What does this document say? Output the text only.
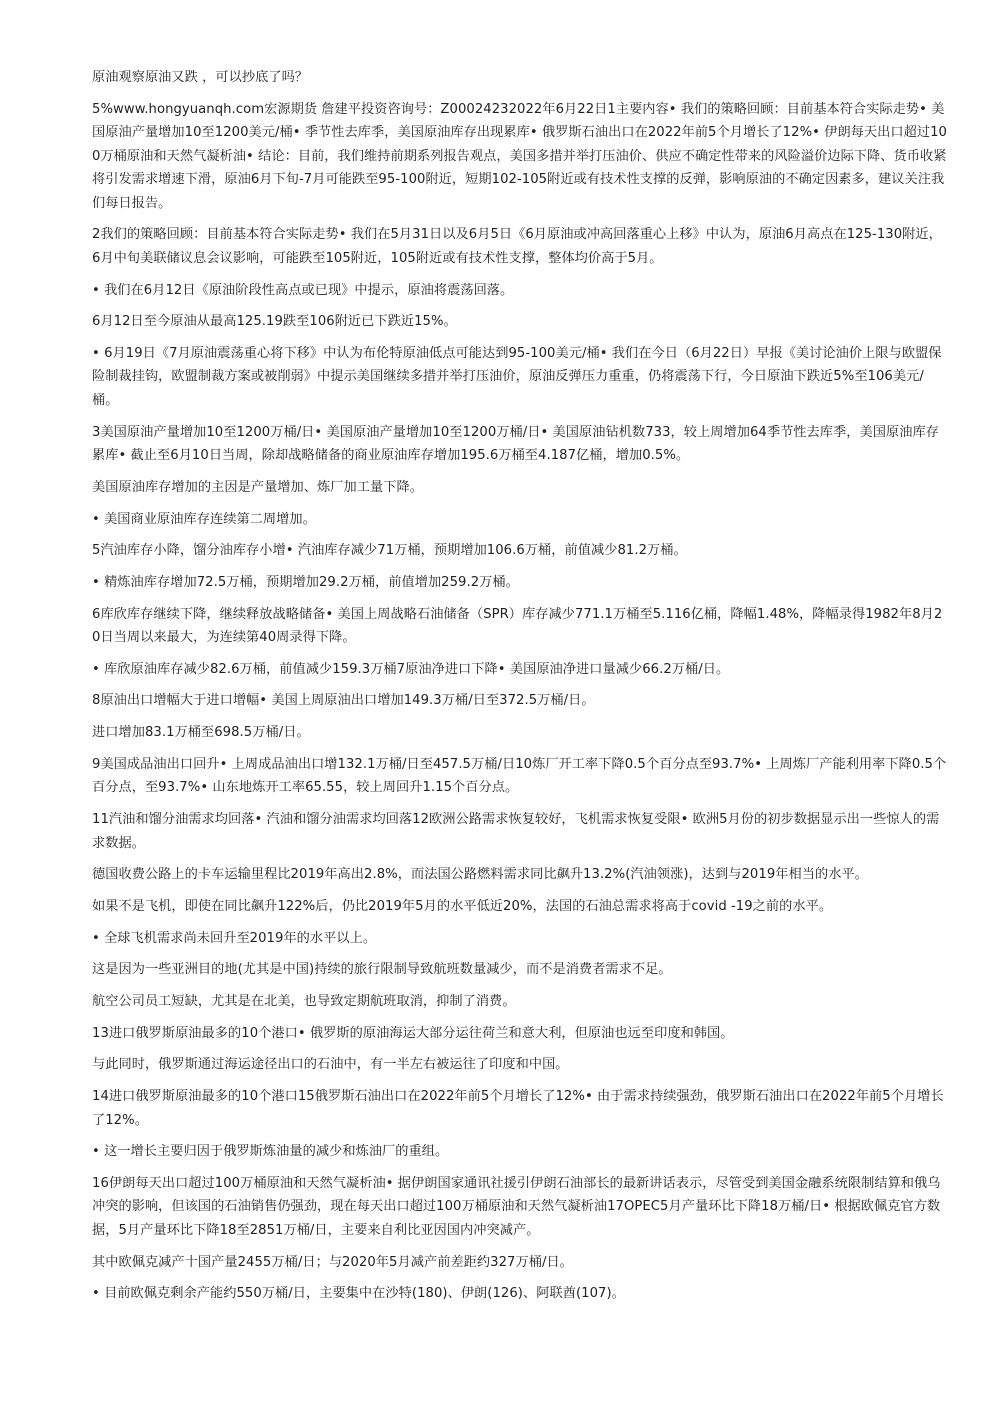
原油观察原油又跌 ，可以抄底了吗？

5%www.hongyuanqh.com宏源期货 詹建平投资咨询号：Z00024232022年6月22日1主要内容• 我们的策略回顾：目前基本符合实际走势• 美国原油产量增加10至1200美元/桶• 季节性去库季，美国原油库存出现累库• 俄罗斯石油出口在2022年前5个月增长了12%• 伊朗每天出口超过100万桶原油和天然气凝析油• 结论：目前，我们维持前期系列报告观点，美国多措并举打压油价、供应不确定性带来的风险溢价边际下降、货币收紧将引发需求增速下滑，原油6月下旬-7月可能跌至95-100附近，短期102-105附近或有技术性支撑的反弹，影响原油的不确定因素多，建议关注我们每日报告。

2我们的策略回顾：目前基本符合实际走势• 我们在5月31日以及6月5日《6月原油或冲高回落重心上移》中认为，原油6月高点在125-130附近，6月中旬美联储议息会议影响，可能跌至105附近，105附近或有技术性支撑，整体均价高于5月。

• 我们在6月12日《原油阶段性高点或已现》中提示，原油将震荡回落。

6月12日至今原油从最高125.19跌至106附近已下跌近15%。

• 6月19日《7月原油震荡重心将下移》中认为布伦特原油低点可能达到95-100美元/桶• 我们在今日（6月22日）早报《美讨论油价上限与欧盟保险制裁挂钩，欧盟制裁方案或被削弱》中提示美国继续多措并举打压油价，原油反弹压力重重，仍将震荡下行，今日原油下跌近5%至106美元/桶。

3美国原油产量增加10至1200万桶/日• 美国原油产量增加10至1200万桶/日• 美国原油钻机数733，较上周增加64季节性去库季，美国原油库存累库• 截止至6月10日当周，除却战略储备的商业原油库存增加195.6万桶至4.187亿桶，增加0.5%。

美国原油库存增加的主因是产量增加、炼厂加工量下降。

• 美国商业原油库存连续第二周增加。

5汽油库存小降，馏分油库存小增• 汽油库存减少71万桶，预期增加106.6万桶，前值减少81.2万桶。

• 精炼油库存增加72.5万桶，预期增加29.2万桶，前值增加259.2万桶。

6库欣库存继续下降，继续释放战略储备• 美国上周战略石油储备（SPR）库存减少771.1万桶至5.116亿桶，降幅1.48%，降幅录得1982年8月20日当周以来最大，为连续第40周录得下降。

• 库欣原油库存减少82.6万桶，前值减少159.3万桶7原油净进口下降• 美国原油净进口量减少66.2万桶/日。

8原油出口增幅大于进口增幅• 美国上周原油出口增加149.3万桶/日至372.5万桶/日。

进口增加83.1万桶至698.5万桶/日。

9美国成品油出口回升• 上周成品油出口增132.1万桶/日至457.5万桶/日10炼厂开工率下降0.5个百分点至93.7%• 上周炼厂产能利用率下降0.5个百分点，至93.7%• 山东地炼开工率65.55，较上周回升1.15个百分点。

11汽油和馏分油需求均回落• 汽油和馏分油需求均回落12欧洲公路需求恢复较好，飞机需求恢复受限• 欧洲5月份的初步数据显示出一些惊人的需求数据。

德国收费公路上的卡车运输里程比2019年高出2.8%，而法国公路燃料需求同比飙升13.2%(汽油领涨)，达到与2019年相当的水平。

如果不是飞机，即使在同比飙升122%后，仍比2019年5月的水平低近20%，法国的石油总需求将高于covid -19之前的水平。

• 全球飞机需求尚未回升至2019年的水平以上。

这是因为一些亚洲目的地(尤其是中国)持续的旅行限制导致航班数量减少，而不是消费者需求不足。

航空公司员工短缺，尤其是在北美，也导致定期航班取消，抑制了消费。

13进口俄罗斯原油最多的10个港口• 俄罗斯的原油海运大部分运往荷兰和意大利，但原油也远至印度和韩国。

与此同时，俄罗斯通过海运途径出口的石油中，有一半左右被运往了印度和中国。

14进口俄罗斯原油最多的10个港口15俄罗斯石油出口在2022年前5个月增长了12%• 由于需求持续强劲，俄罗斯石油出口在2022年前5个月增长了12%。

• 这一增长主要归因于俄罗斯炼油量的减少和炼油厂的重组。

16伊朗每天出口超过100万桶原油和天然气凝析油• 据伊朗国家通讯社援引伊朗石油部长的最新讲话表示，尽管受到美国金融系统限制结算和俄乌冲突的影响，但该国的石油销售仍强劲，现在每天出口超过100万桶原油和天然气凝析油17OPEC5月产量环比下降18万桶/日• 根据欧佩克官方数据，5月产量环比下降18至2851万桶/日，主要来自利比亚因国内冲突减产。

其中欧佩克减产十国产量2455万桶/日；与2020年5月减产前差距约327万桶/日。

• 目前欧佩克剩余产能约550万桶/日，主要集中在沙特(180)、伊朗(126)、阿联酋(107)。
